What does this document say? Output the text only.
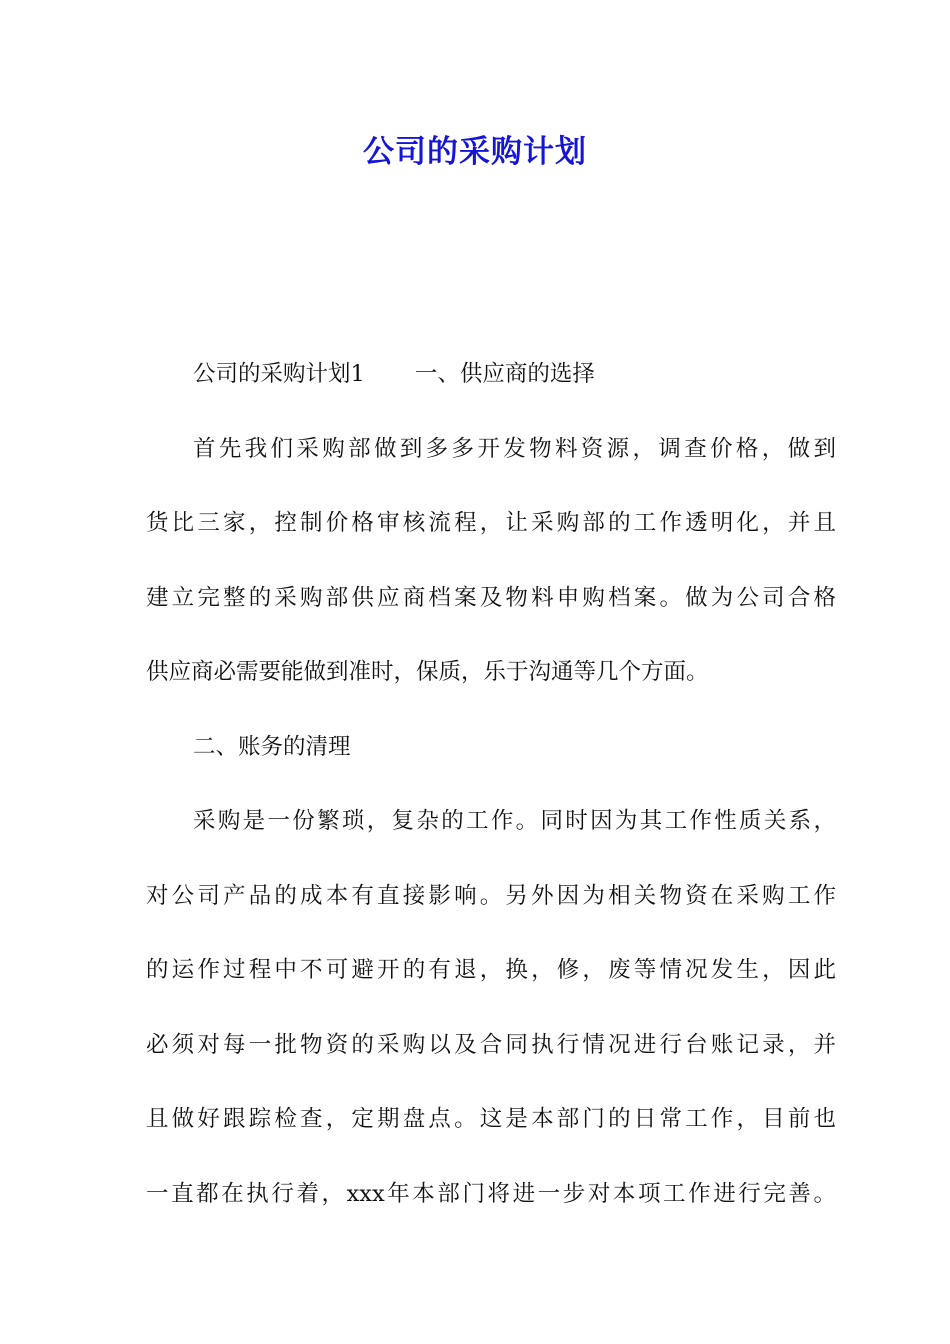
公司的采购计划
公司的采购计划1 一、供应商的选择
首先我们采购部做到多多开发物料资源，调查价格，做到
货比三家，控制价格审核流程，让采购部的工作透明化，并且
建立完整的采购部供应商档案及物料申购档案。做为公司合格
供应商必需要能做到准时，保质，乐于沟通等几个方面。
二、账务的清理
采购是一份繁琐，复杂的工作。同时因为其工作性质关系，
对公司产品的成本有直接影响。另外因为相关物资在采购工作
的运作过程中不可避开的有退，换，修，废等情况发生，因此
必须对每一批物资的采购以及合同执行情况进行台账记录，并
且做好跟踪检查，定期盘点。这是本部门的日常工作，目前也
一直都在执行着，xxx年本部门将进一步对本项工作进行完善。
